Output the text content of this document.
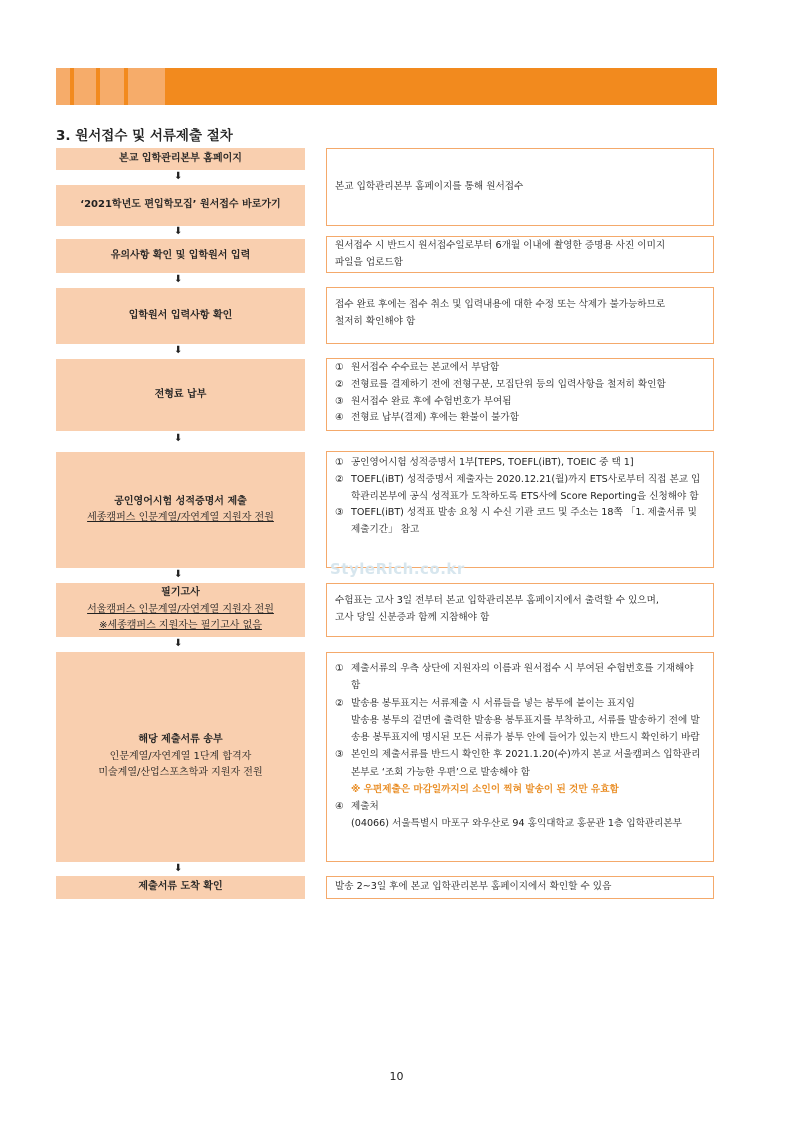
3. 원서접수 및 서류제출 절차
본교 입학관리본부 홈페이지
⬇
‘2021학년도 편입학모집’ 원서접수 바로가기
본교 입학관리본부 홈페이지를 통해 원서접수
⬇
유의사항 확인 및 입학원서 입력
원서접수 시 반드시 원서접수일로부터 6개월 이내에 촬영한 증명용 사진 이미지
파일을 업로드함
⬇
입학원서 입력사항 확인
접수 완료 후에는 접수 취소 및 입력내용에 대한 수정 또는 삭제가 불가능하므로
철저히 확인해야 함
⬇
전형료 납부
① 원서접수 수수료는 본교에서 부담함
② 전형료를 결제하기 전에 전형구분, 모집단위 등의 입력사항을 철저히 확인함
③ 원서접수 완료 후에 수험번호가 부여됨
④ 전형료 납부(결제) 후에는 환불이 불가함
⬇
공인영어시험 성적증명서 제출
세종캠퍼스 인문계열/자연계열 지원자 전원
① 공인영어시험 성적증명서 1부[TEPS, TOEFL(iBT), TOEIC 중 택 1]
② TOEFL(iBT) 성적증명서 제출자는 2020.12.21(월)까지 ETS사로부터 직접 본교 입학관리본부에 공식 성적표가 도착하도록 ETS사에 Score Reporting을 신청해야 함
③ TOEFL(iBT) 성적표 발송 요청 시 수신 기관 코드 및 주소는 18쪽 「1. 제출서류 및 제출기간」 참고
StyleRich.co.kr
⬇
필기고사
서울캠퍼스 인문계열/자연계열 지원자 전원
※세종캠퍼스 지원자는 필기고사 없음
수험표는 고사 3일 전부터 본교 입학관리본부 홈페이지에서 출력할 수 있으며,
고사 당일 신분증과 함께 지참해야 함
⬇
해당 제출서류 송부
인문계열/자연계열 1단계 합격자
미술계열/산업스포츠학과 지원자 전원
① 제출서류의 우측 상단에 지원자의 이름과 원서접수 시 부여된 수험번호를 기재해야 함
② 발송용 봉투표지는 서류제출 시 서류들을 넣는 봉투에 붙이는 표지임
발송용 봉투의 겉면에 출력한 발송용 봉투표지를 부착하고, 서류를 발송하기 전에 발송용 봉투표지에 명시된 모든 서류가 봉투 안에 들어가 있는지 반드시 확인하기 바람
③ 본인의 제출서류를 반드시 확인한 후 2021.1.20(수)까지 본교 서울캠퍼스 입학관리본부로 ‘조회 가능한 우편’으로 발송해야 함
※ 우편제출은 마감일까지의 소인이 찍혀 발송이 된 것만 유효함
④ 제출처
(04066) 서울특별시 마포구 와우산로 94 홍익대학교 홍문관 1층 입학관리본부
⬇
제출서류 도착 확인	발송 2~3일 후에 본교 입학관리본부 홈페이지에서 확인할 수 있음
10
